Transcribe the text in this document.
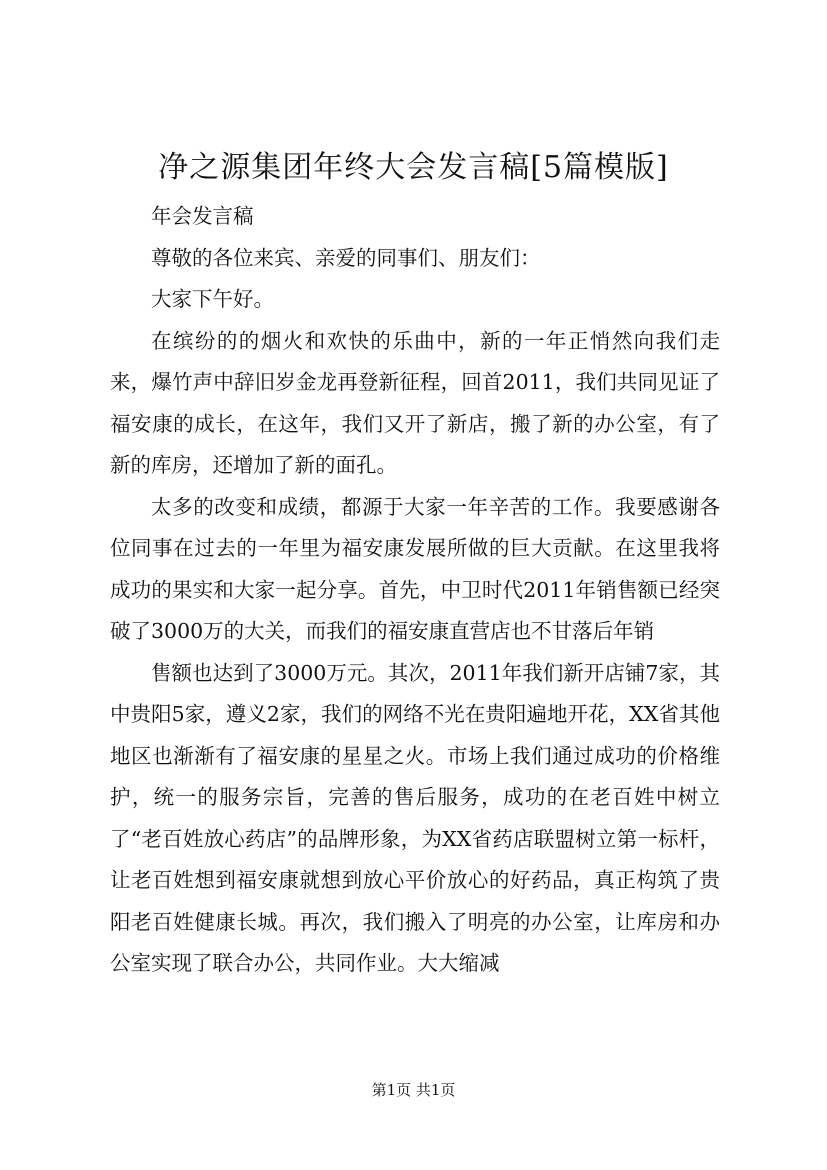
净之源集团年终大会发言稿[5篇模版]

年会发言稿

尊敬的各位来宾、亲爱的同事们、朋友们：

大家下午好。

在缤纷的的烟火和欢快的乐曲中，新的一年正悄然向我们走来，爆竹声中辞旧岁金龙再登新征程，回首2011，我们共同见证了福安康的成长，在这年，我们又开了新店，搬了新的办公室，有了新的库房，还增加了新的面孔。

太多的改变和成绩，都源于大家一年辛苦的工作。我要感谢各位同事在过去的一年里为福安康发展所做的巨大贡献。在这里我将成功的果实和大家一起分享。首先，中卫时代2011年销售额已经突破了3000万的大关，而我们的福安康直营店也不甘落后年销

售额也达到了3000万元。其次，2011年我们新开店铺7家，其中贵阳5家，遵义2家，我们的网络不光在贵阳遍地开花，XX省其他地区也渐渐有了福安康的星星之火。市场上我们通过成功的价格维护，统一的服务宗旨，完善的售后服务，成功的在老百姓中树立了“老百姓放心药店”的品牌形象，为XX省药店联盟树立第一标杆，让老百姓想到福安康就想到放心平价放心的好药品，真正构筑了贵阳老百姓健康长城。再次，我们搬入了明亮的办公室，让库房和办公室实现了联合办公，共同作业。大大缩减

第1页 共1页
